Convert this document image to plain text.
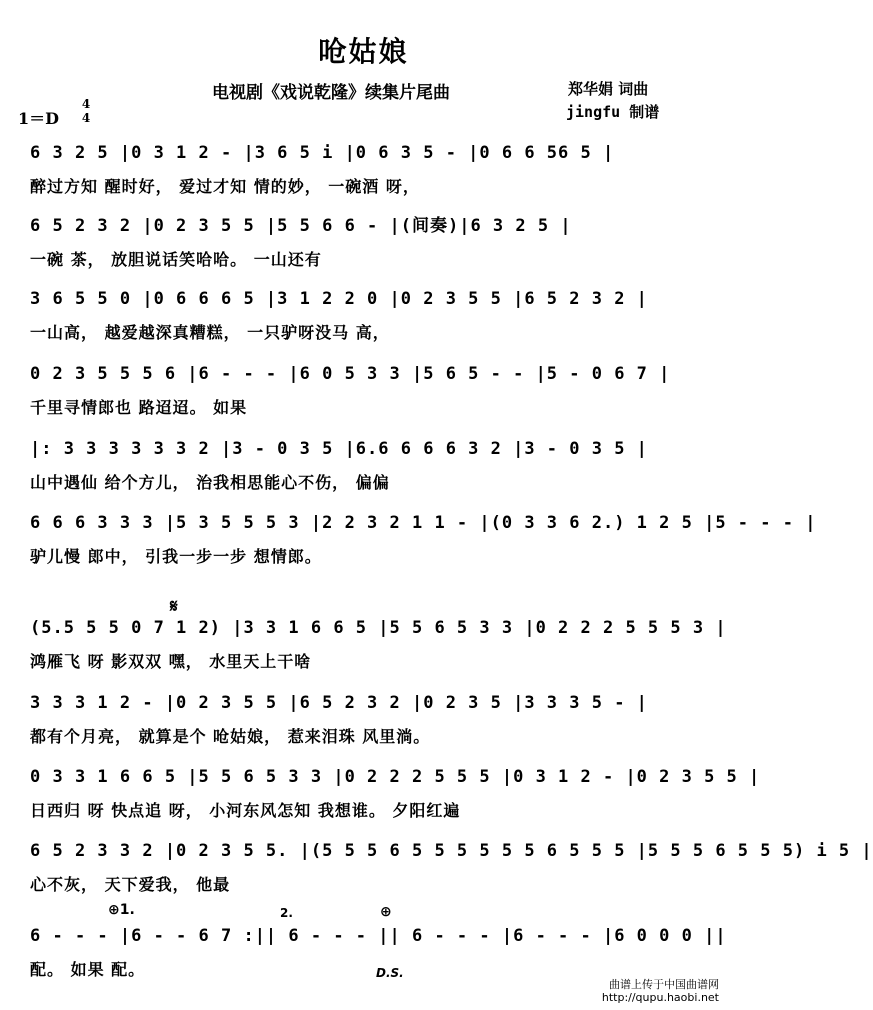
呛姑娘
电视剧《戏说乾隆》续集片尾曲	郑华娟 词曲
jingfu 制谱
1＝D
4
4
6 3 2 5 |0 3 1 2 - |3 6 5 i |0 6 3 5 - |0 6 6 56 5 |
醉过方知 醒时好， 爱过才知 情的妙， 一碗酒 呀，
6 5 2 3 2 |0 2 3 5 5 |5 5 6 6 - |(间奏)|6 3 2 5 |
一碗 茶， 放胆说话笑哈哈。 一山还有
3 6 5 5 0 |0 6 6 6 5 |3 1 2 2 0 |0 2 3 5 5 |6 5 2 3 2 |
一山高， 越爱越深真糟糕， 一只驴呀没马 高，
0 2 3 5 5 5 6 |6 - - - |6 0 5 3 3 |5 6 5 - - |5 - 0 6 7 |
千里寻情郎也 路迢迢。 如果
|: 3 3 3 3 3 3 2 |3 - 0 3 5 |6.6 6 6 6 3 2 |3 - 0 3 5 |
山中遇仙 给个方儿， 治我相思能心不伤， 偏偏
6 6 6 3 3 3 |5 3 5 5 5 3 |2 2 3 2 1 1 - |(0 3 3 6 2.) 1 2 5 |5 - - - |
驴儿慢 郎中， 引我一步一步 想情郎。
(5.5 5 5 0 7 1 2) |3 3 1 6 6 5 |5 5 6 5 3 3 |0 2 2 2 5 5 5 3 |
鸿雁飞 呀 影双双 嘿， 水里天上干啥
3 3 3 1 2 - |0 2 3 5 5 |6 5 2 3 2 |0 2 3 5 |3 3 3 5 - |
都有个月亮， 就算是个 呛姑娘， 惹来泪珠 风里淌。
0 3 3 1 6 6 5 |5 5 6 5 3 3 |0 2 2 2 5 5 5 |0 3 1 2 - |0 2 3 5 5 |
日西归 呀 快点追 呀， 小河东风怎知 我想谁。 夕阳红遍
6 5 2 3 3 2 |0 2 3 5 5. |(5 5 5 6 5 5 5 5 5 5 6 5 5 5 |5 5 5 6 5 5 5) i 5 |
心不灰， 天下爱我， 他最
6 - - - |6 - - 6 7 :|| 6 - - - || 6 - - - |6 - - - |6 0 0 0 ||
配。 如果 配。
𝄋
⊕1.	2.	⊕
D.S.
曲谱上传于中国曲谱网
http://qupu.haobi.net
